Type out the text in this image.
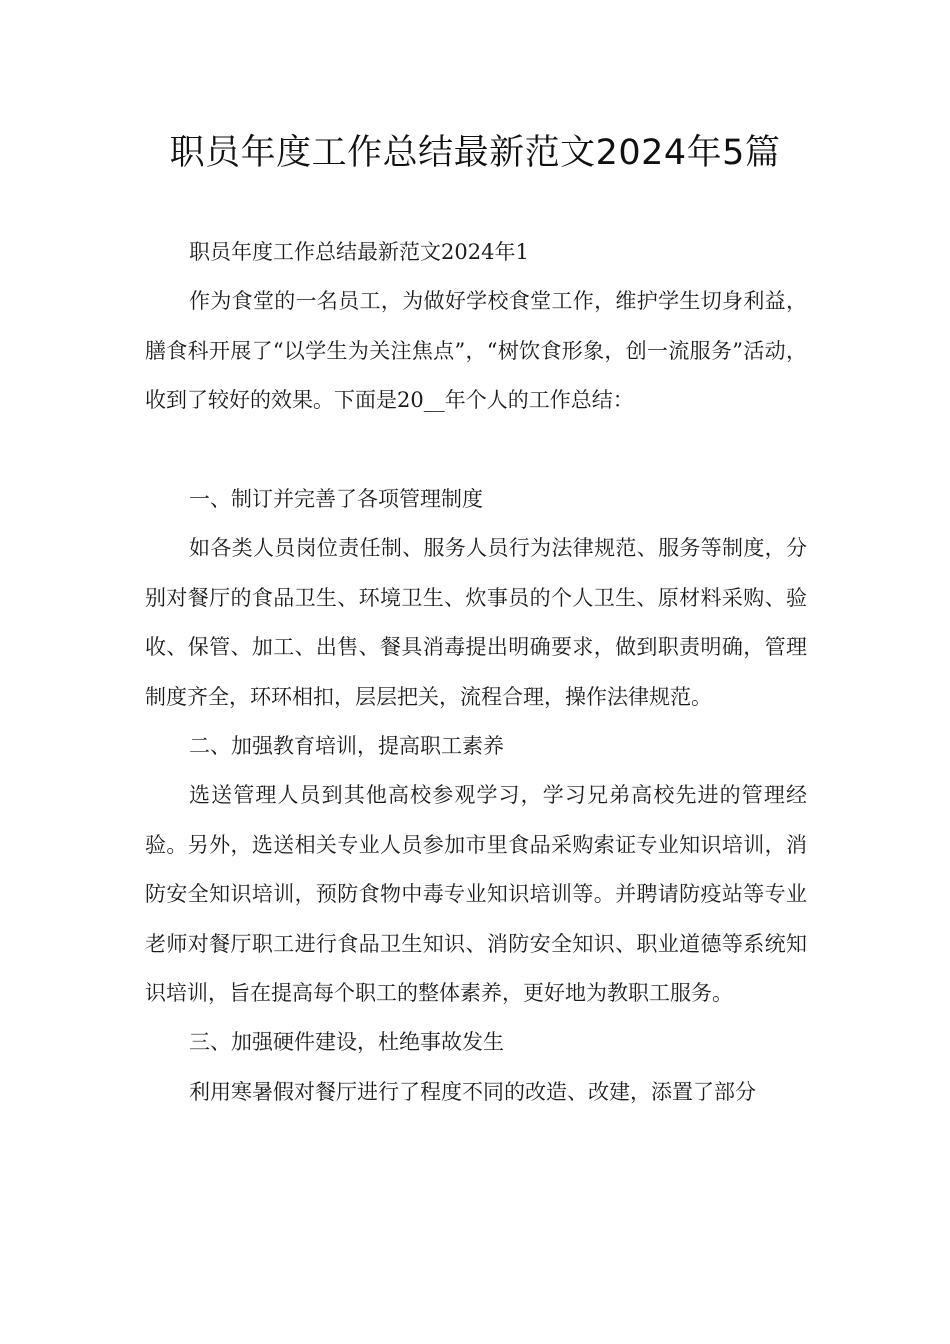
职员年度工作总结最新范文2024年5篇

职员年度工作总结最新范文2024年1

作为食堂的一名员工，为做好学校食堂工作，维护学生切身利益，膳食科开展了“以学生为关注焦点”，“树饮食形象，创一流服务”活动，收到了较好的效果。下面是20__年个人的工作总结：

一、制订并完善了各项管理制度

如各类人员岗位责任制、服务人员行为法律规范、服务等制度，分别对餐厅的食品卫生、环境卫生、炊事员的个人卫生、原材料采购、验收、保管、加工、出售、餐具消毒提出明确要求，做到职责明确，管理制度齐全，环环相扣，层层把关，流程合理，操作法律规范。

二、加强教育培训，提高职工素养

选送管理人员到其他高校参观学习，学习兄弟高校先进的管理经验。另外，选送相关专业人员参加市里食品采购索证专业知识培训，消防安全知识培训，预防食物中毒专业知识培训等。并聘请防疫站等专业老师对餐厅职工进行食品卫生知识、消防安全知识、职业道德等系统知识培训，旨在提高每个职工的整体素养，更好地为教职工服务。

三、加强硬件建设，杜绝事故发生

利用寒暑假对餐厅进行了程度不同的改造、改建，添置了部分
